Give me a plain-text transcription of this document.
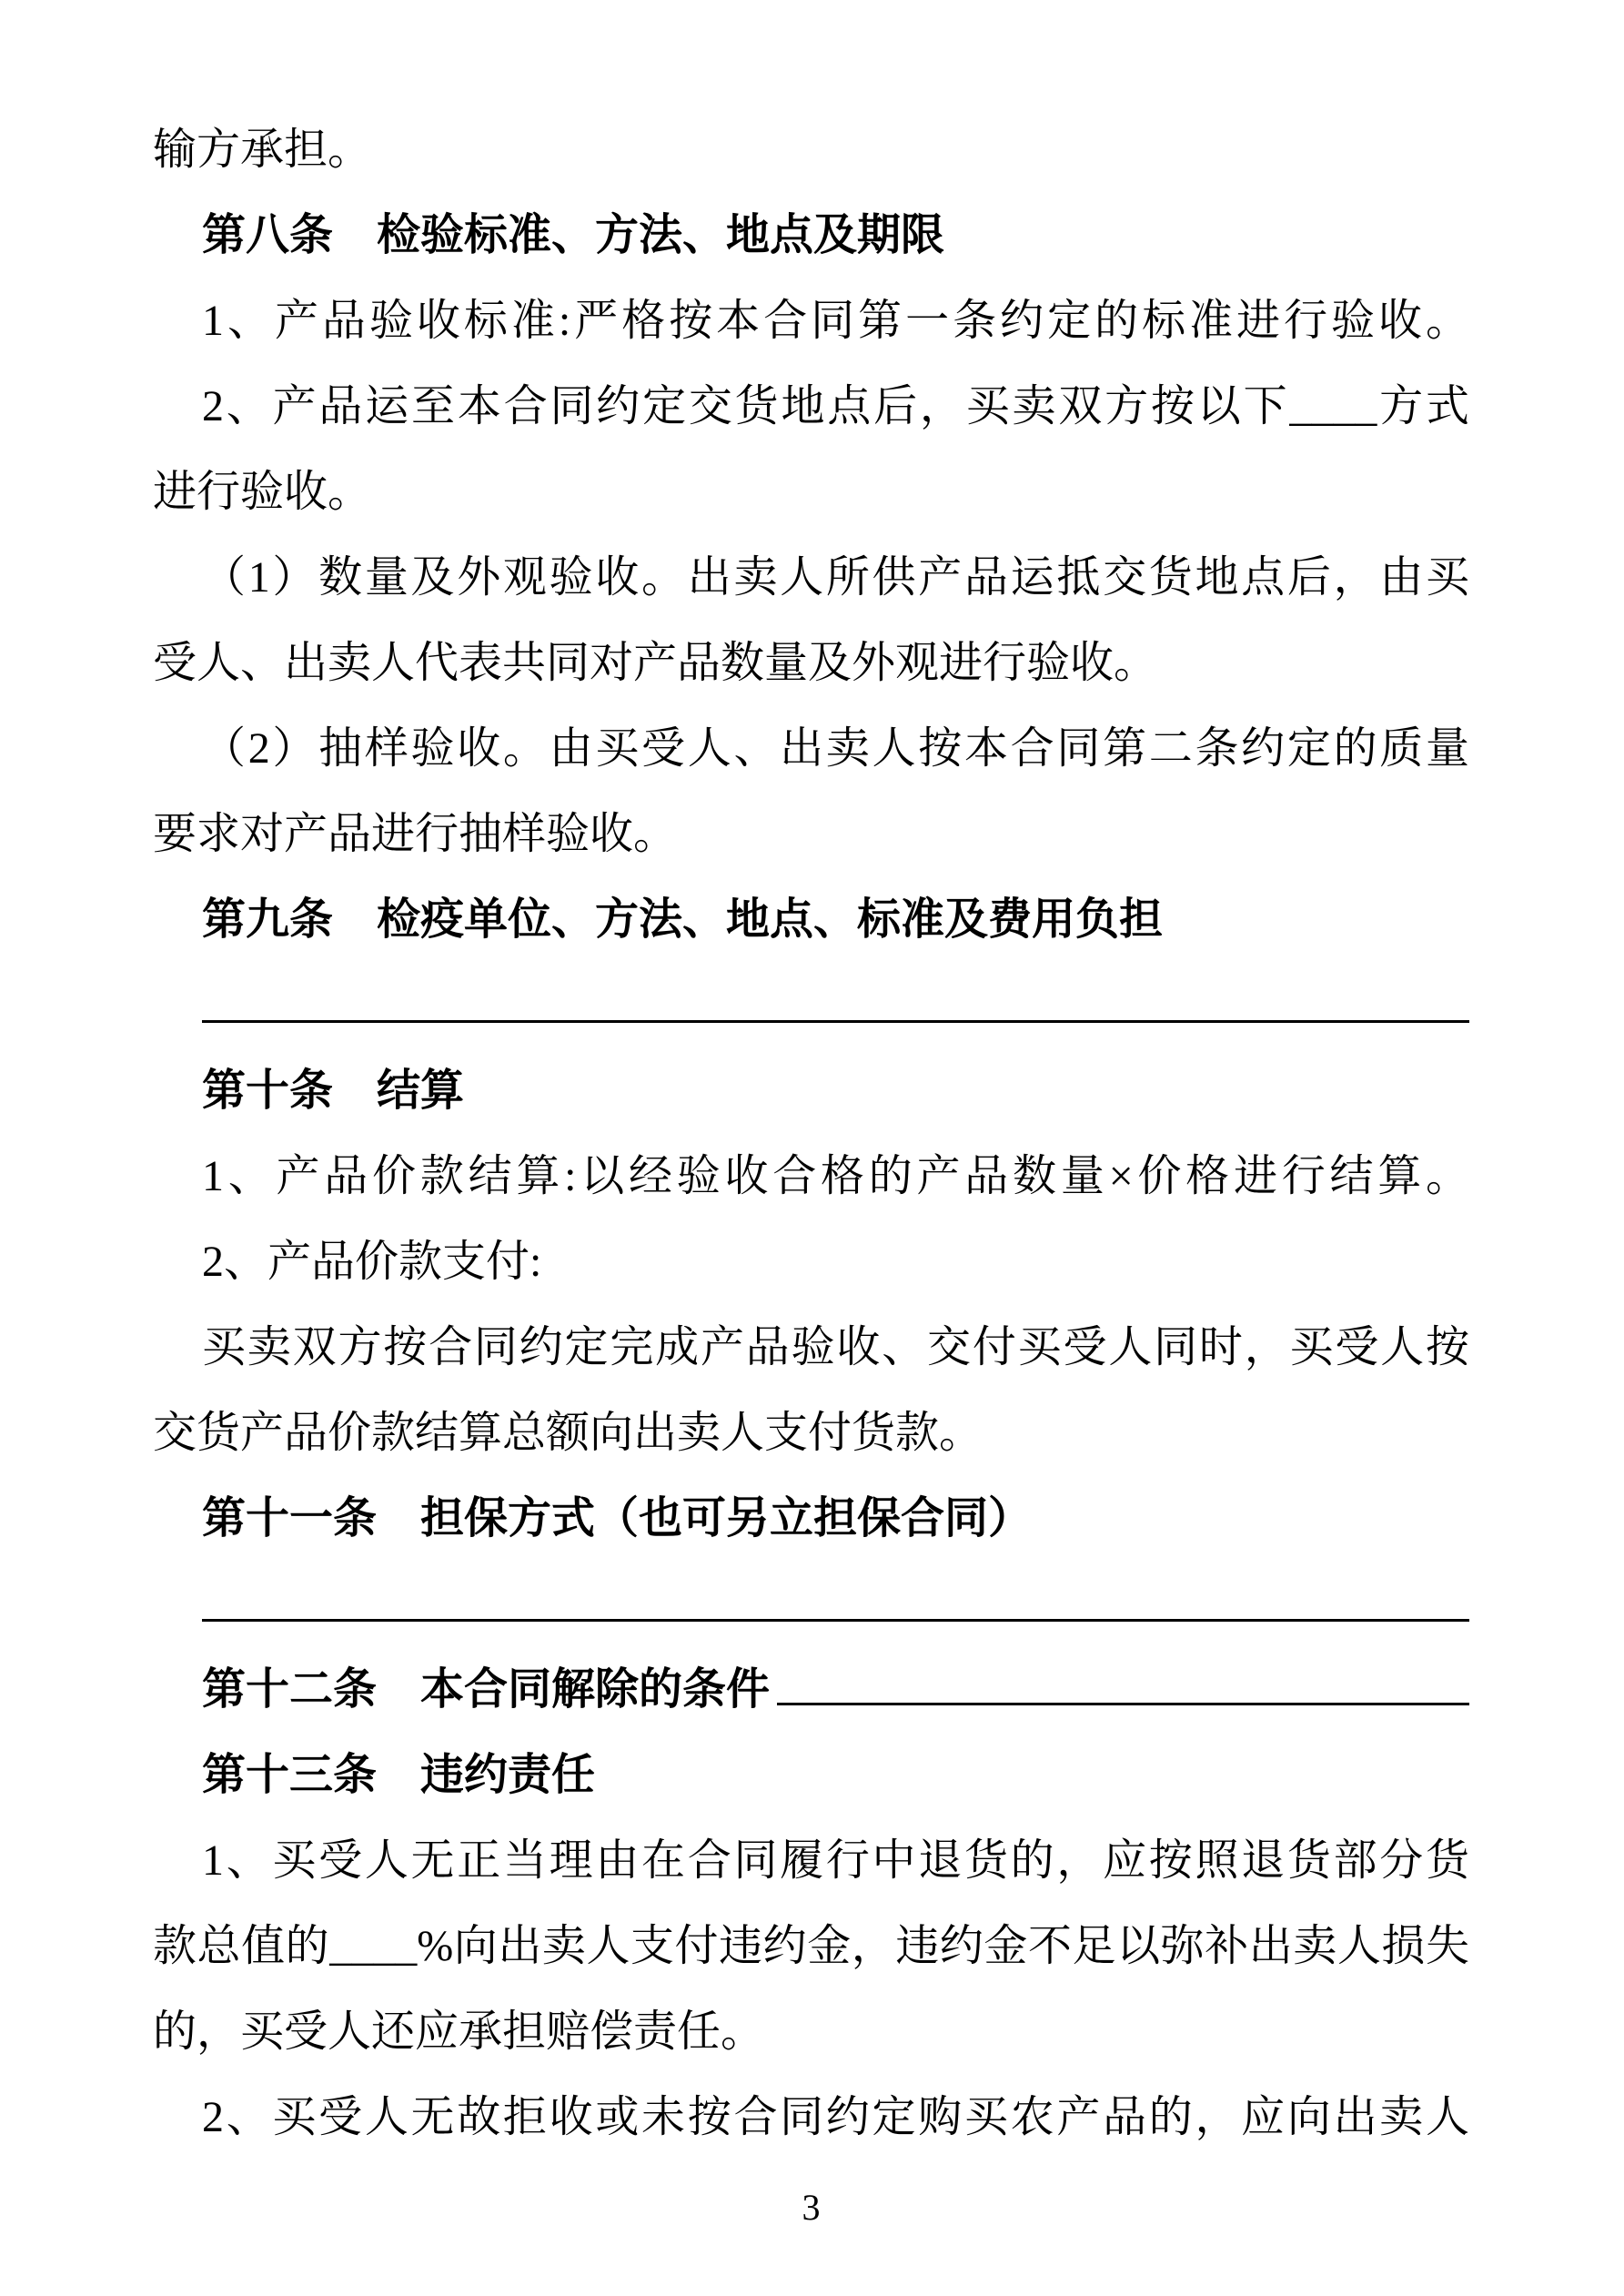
输方承担。
第八条　检验标准、方法、地点及期限
1、产品验收标准:严格按本合同第一条约定的标准进行验收。
2、产品运至本合同约定交货地点后，买卖双方按以下____方式
进行验收。
（1）数量及外观验收。出卖人所供产品运抵交货地点后，由买
受人、出卖人代表共同对产品数量及外观进行验收。
（2）抽样验收。由买受人、出卖人按本合同第二条约定的质量
要求对产品进行抽样验收。
第九条　检疫单位、方法、地点、标准及费用负担
第十条　结算
1、产品价款结算:以经验收合格的产品数量×价格进行结算。
2、产品价款支付:
买卖双方按合同约定完成产品验收、交付买受人同时，买受人按
交货产品价款结算总额向出卖人支付货款。
第十一条　担保方式（也可另立担保合同）
第十二条　本合同解除的条件
第十三条　违约责任
1、买受人无正当理由在合同履行中退货的，应按照退货部分货
款总值的____%向出卖人支付违约金，违约金不足以弥补出卖人损失
的，买受人还应承担赔偿责任。
2、买受人无故拒收或未按合同约定购买农产品的，应向出卖人
3
